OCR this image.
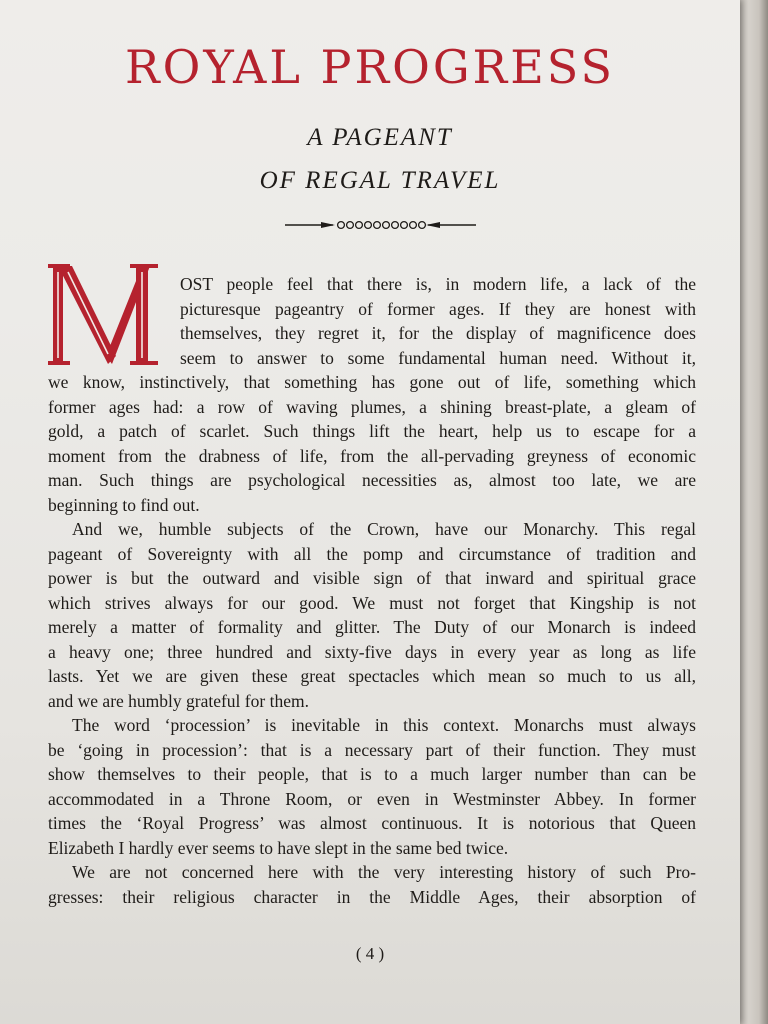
ROYAL PROGRESS

A PAGEANT

OF REGAL TRAVEL

M
OST people feel that there is, in modern life, a lack of the
picturesque pageantry of former ages. If they are honest with
themselves, they regret it, for the display of magnificence does
seem to answer to some fundamental human need. Without it,
we know, instinctively, that something has gone out of life, something which
former ages had: a row of waving plumes, a shining breast-plate, a gleam of
gold, a patch of scarlet. Such things lift the heart, help us to escape for a
moment from the drabness of life, from the all-pervading greyness of economic
man. Such things are psychological necessities as, almost too late, we are
beginning to find out.
And we, humble subjects of the Crown, have our Monarchy. This regal
pageant of Sovereignty with all the pomp and circumstance of tradition and
power is but the outward and visible sign of that inward and spiritual grace
which strives always for our good. We must not forget that Kingship is not
merely a matter of formality and glitter. The Duty of our Monarch is indeed
a heavy one; three hundred and sixty-five days in every year as long as life
lasts. Yet we are given these great spectacles which mean so much to us all,
and we are humbly grateful for them.
The word ‘procession’ is inevitable in this context. Monarchs must always
be ‘going in procession’: that is a necessary part of their function. They must
show themselves to their people, that is to a much larger number than can be
accommodated in a Throne Room, or even in Westminster Abbey. In former
times the ‘Royal Progress’ was almost continuous. It is notorious that Queen
Elizabeth I hardly ever seems to have slept in the same bed twice.
We are not concerned here with the very interesting history of such Pro-
gresses: their religious character in the Middle Ages, their absorption of

( 4 )
